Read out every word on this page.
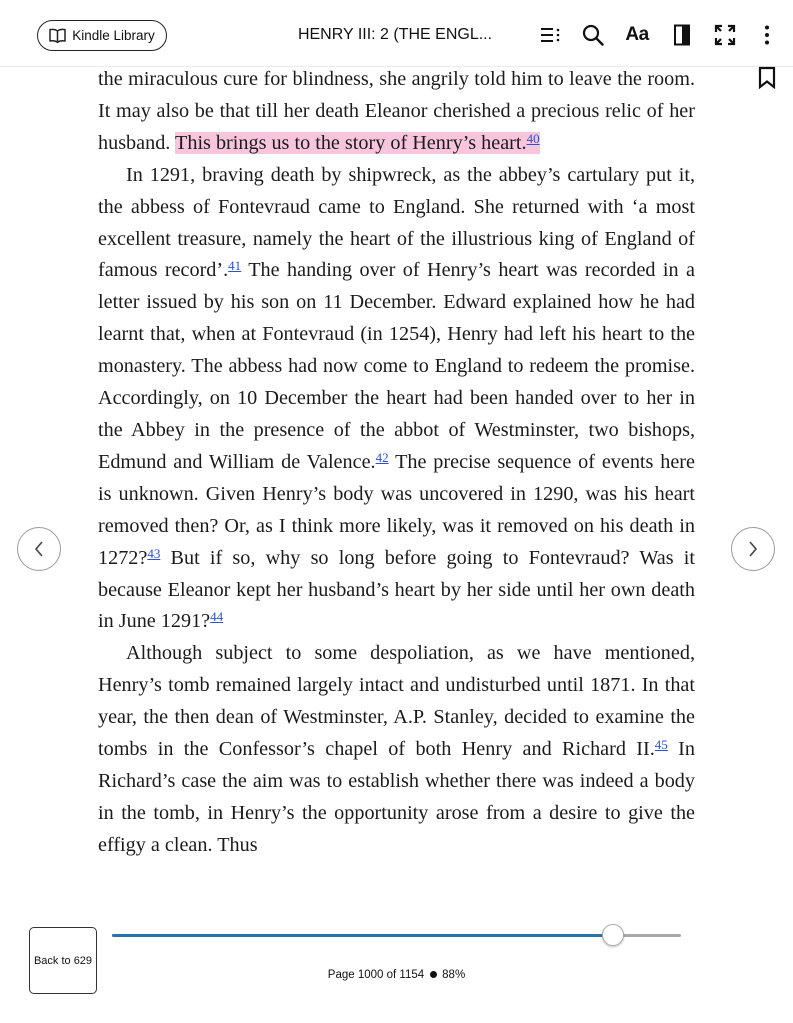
Kindle Library	HENRY III: 2 (THE ENGL...	Aa

the miraculous cure for blindness, she angrily told him to leave the room. It may also be that till her death Eleanor cherished a precious relic of her husband. This brings us to the story of Henry’s heart.$^{40}$

In 1291, braving death by shipwreck, as the abbey’s cartulary put it, the abbess of Fontevraud came to England. She returned with ‘a most excellent treasure, namely the heart of the illustrious king of England of famous record’.$^{41}$ The handing over of Henry’s heart was recorded in a letter issued by his son on 11 December. Edward explained how he had learnt that, when at Fontevraud (in 1254), Henry had left his heart to the monastery. The abbess had now come to England to redeem the promise. Accordingly, on 10 December the heart had been handed over to her in the Abbey in the presence of the abbot of Westminster, two bishops, Edmund and William de Valence.$^{42}$ The precise sequence of events here is unknown. Given Henry’s body was uncovered in 1290, was his heart removed then? Or, as I think more likely, was it removed on his death in 1272?$^{43}$ But if so, why so long before going to Fontevraud? Was it because Eleanor kept her husband’s heart by her side until her own death in June 1291?$^{44}$

Although subject to some despoliation, as we have mentioned, Henry’s tomb remained largely intact and undisturbed until 1871. In that year, the then dean of Westminster, A.P. Stanley, decided to examine the tombs in the Confessor’s chapel of both Henry and Richard II.$^{45}$ In Richard’s case the aim was to establish whether there was indeed a body in the tomb, in Henry’s the opportunity arose from a desire to give the effigy a clean. Thus

Back to 629
Page 1000 of 1154 88%
